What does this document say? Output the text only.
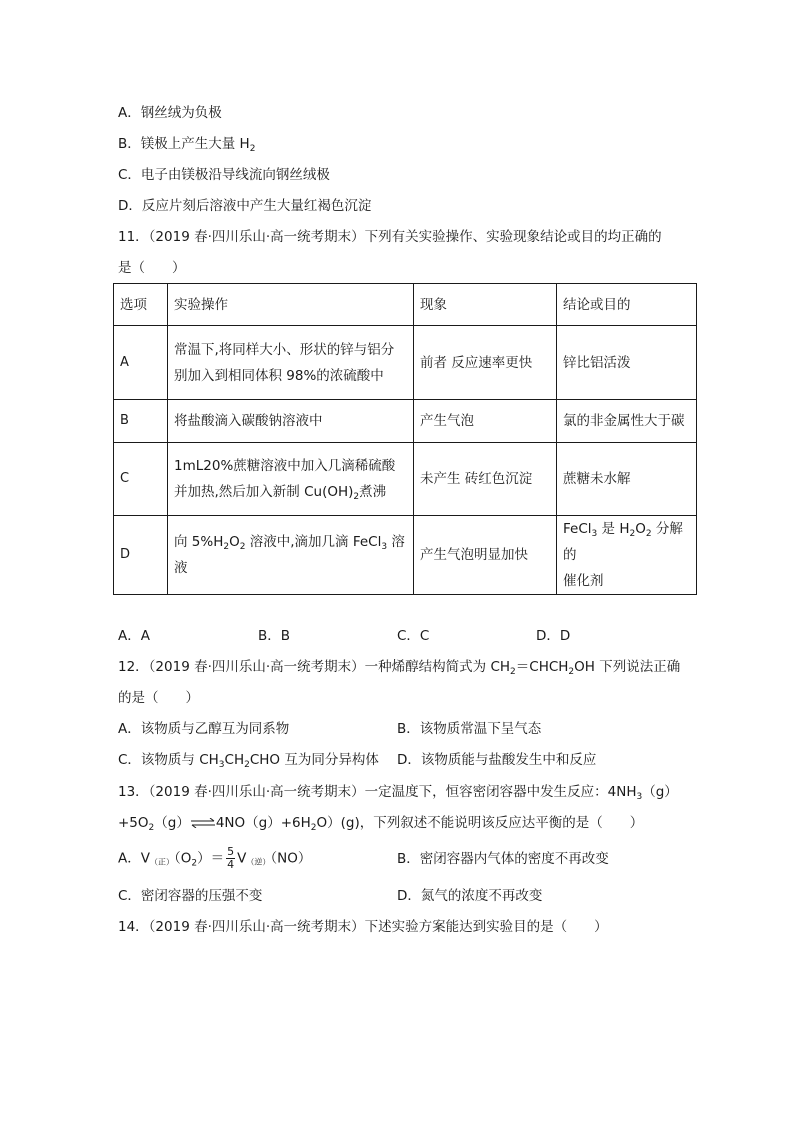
A．钢丝绒为负极
B．镁极上产生大量 $H_2$
C．电子由镁极沿导线流向钢丝绒极
D．反应片刻后溶液中产生大量红褐色沉淀
11．（2019 春·四川乐山·高一统考期末）下列有关实验操作、实验现象结论或目的均正确的
是（　　）
选项	实验操作	现象	结论或目的
A	常温下,将同样大小、形状的锌与铝分
别加入到相同体积 98%的浓硫酸中	前者 反应速率更快	锌比铝活泼
B	将盐酸滴入碳酸钠溶液中	产生气泡	氯的非金属性大于碳
C	1mL20%蔗糖溶液中加入几滴稀硫酸
并加热,然后加入新制 $Cu(OH)_2$煮沸	未产生 砖红色沉淀	蔗糖未水解
D	向 $5\%H_2O_2$ 溶液中,滴加几滴 FeCl$_3$ 溶液	产生气泡明显加快	FeCl$_3$ 是 $H_2O_2$ 分解的
催化剂
A．A	B．B	C．C	D．D
12．（2019 春·四川乐山·高一统考期末）一种烯醇结构简式为 $CH_2=CHCH_2OH$ 下列说法正确
的是（　　）
A．该物质与乙醇互为同系物	B．该物质常温下呈气态
C．该物质与 $CH_3CH_2CHO$ 互为同分异构体 D．该物质能与盐酸发生中和反应
13．（2019 春·四川乐山·高一统考期末）一定温度下，恒容密闭容器中发生反应：$4NH_3(g)$
$+5O_2(g)\rightleftharpoons 4NO(g)+6H_2O)(g)$，下列叙述不能说明该反应达平衡的是（　　）
A．V（正）$(O_2)= \frac{5}{4} V$（逆）（NO）	B．密闭容器内气体的密度不再改变
C．密闭容器的压强不变	D．氮气的浓度不再改变
14．（2019 春·四川乐山·高一统考期末）下述实验方案能达到实验目的是（　　）
